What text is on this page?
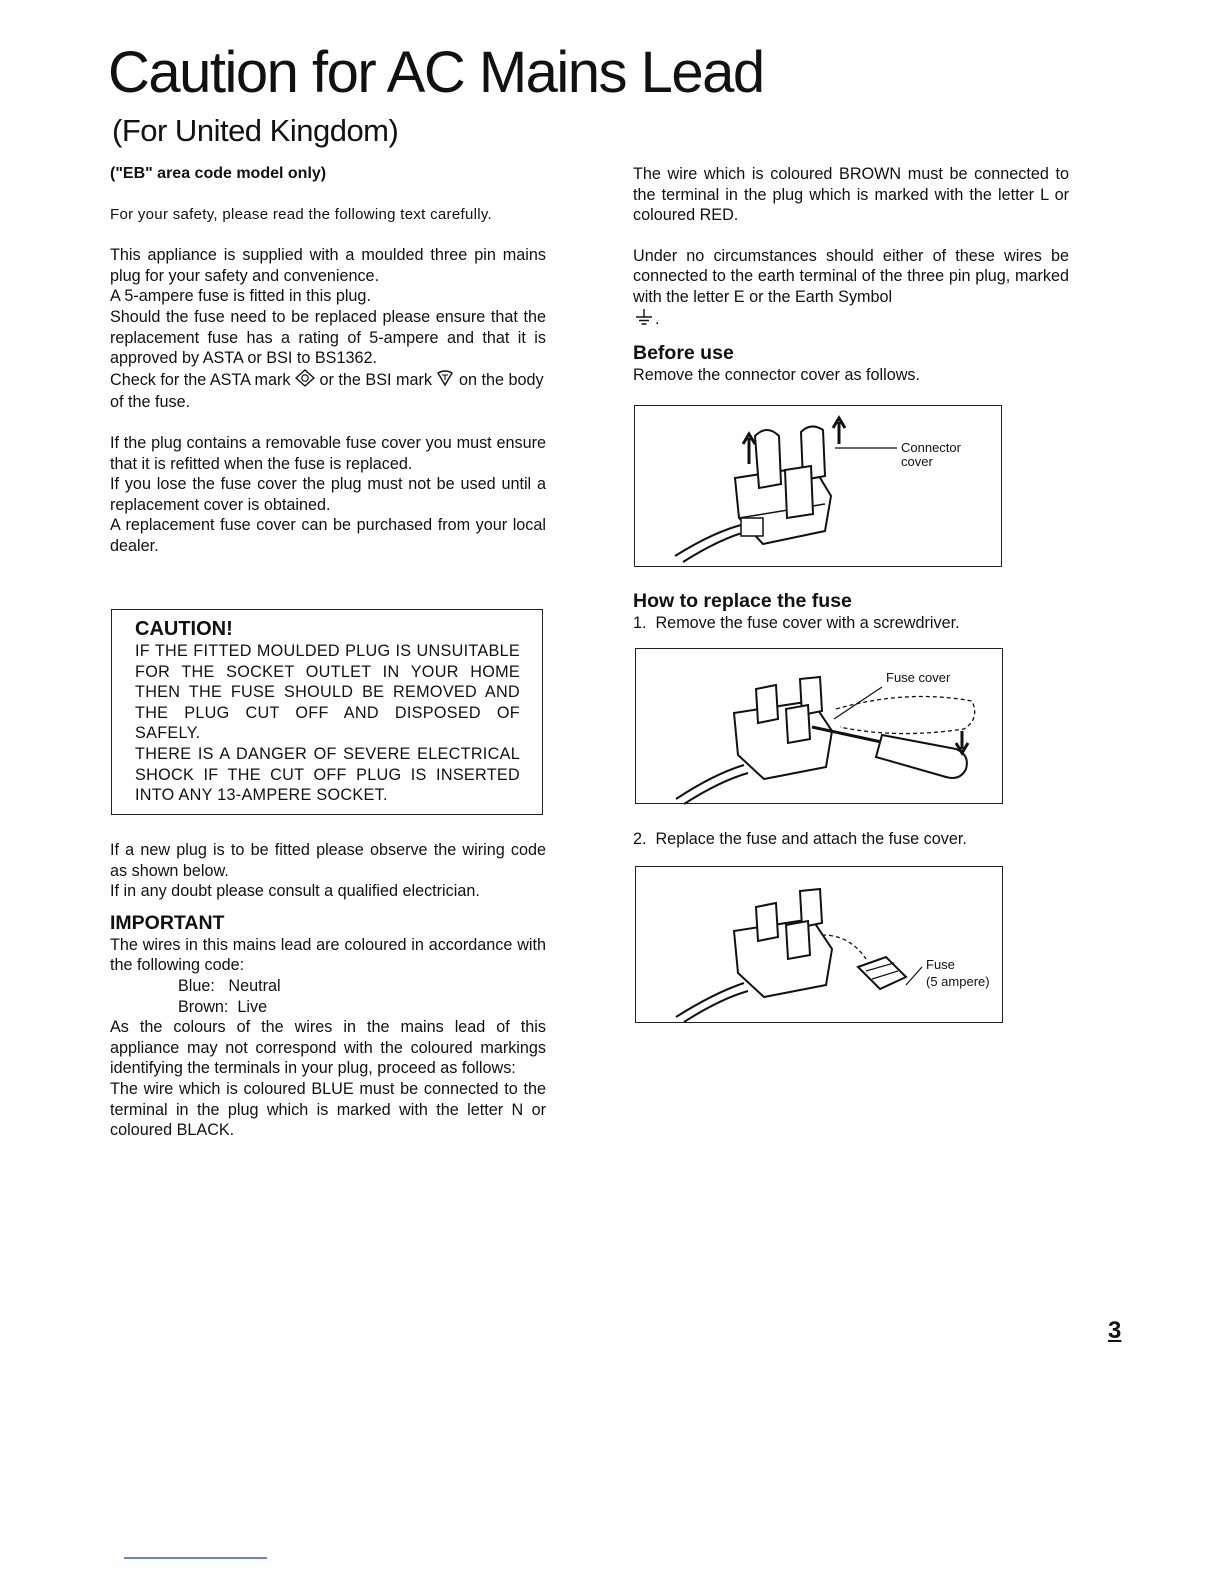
Caution for AC Mains Lead
(For United Kingdom)

("EB" area code model only)

For your safety, please read the following text carefully.

This appliance is supplied with a moulded three pin mains plug for your safety and convenience.

A 5-ampere fuse is fitted in this plug.

Should the fuse need to be replaced please ensure that the replacement fuse has a rating of 5-ampere and that it is approved by ASTA or BSI to BS1362.

Check for the ASTA mark or the BSI mark on the body of the fuse.

If the plug contains a removable fuse cover you must ensure that it is refitted when the fuse is replaced.

If you lose the fuse cover the plug must not be used until a replacement cover is obtained.

A replacement fuse cover can be purchased from your local dealer.

CAUTION!
IF THE FITTED MOULDED PLUG IS UNSUITABLE FOR THE SOCKET OUTLET IN YOUR HOME THEN THE FUSE SHOULD BE REMOVED AND THE PLUG CUT OFF AND DISPOSED OF SAFELY.
THERE IS A DANGER OF SEVERE ELECTRICAL SHOCK IF THE CUT OFF PLUG IS INSERTED INTO ANY 13-AMPERE SOCKET.

If a new plug is to be fitted please observe the wiring code as shown below.

If in any doubt please consult a qualified electrician.

IMPORTANT

The wires in this mains lead are coloured in accordance with the following code:

Blue:   Neutral

Brown:  Live

As the colours of the wires in the mains lead of this appliance may not correspond with the coloured markings identifying the terminals in your plug, proceed as follows:

The wire which is coloured BLUE must be connected to the terminal in the plug which is marked with the letter N or coloured BLACK.

The wire which is coloured BROWN must be connected to the terminal in the plug which is marked with the letter L or coloured RED.

Under no circumstances should either of these wires be connected to the earth terminal of the three pin plug, marked with the letter E or the Earth Symbol
.

Before use

Remove the connector cover as follows.

Connector
cover

How to replace the fuse

1.  Remove the fuse cover with a screwdriver.

Fuse cover

2.  Replace the fuse and attach the fuse cover.

Fuse
(5 ampere)
3
